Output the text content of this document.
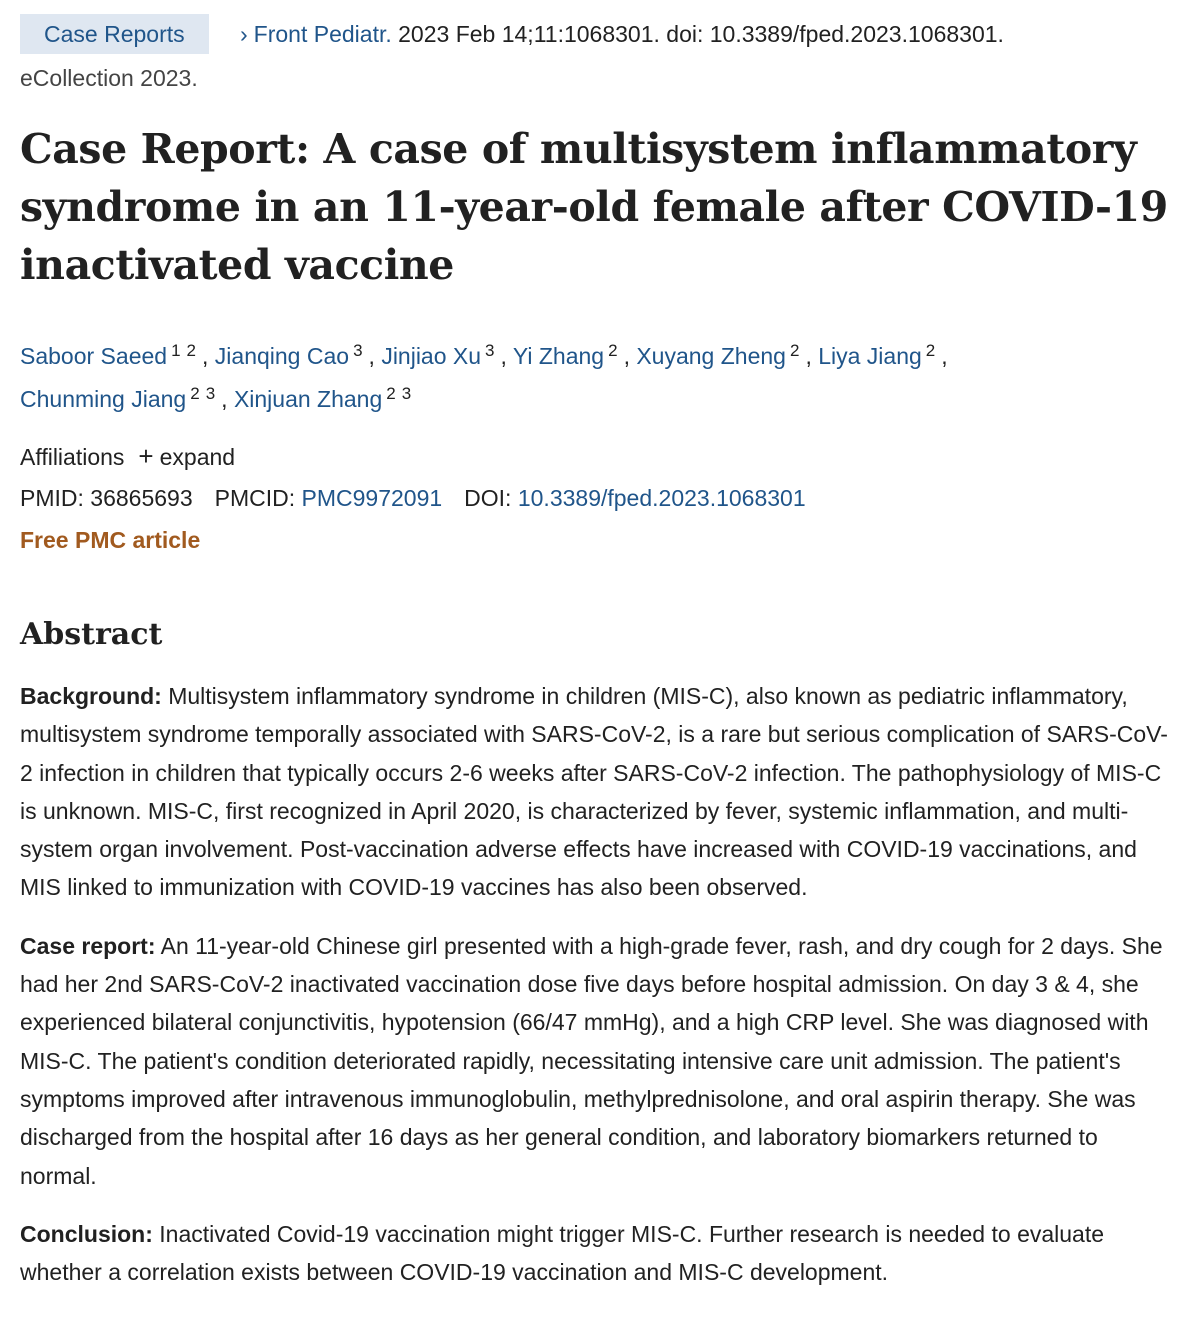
Case Reports	› Front Pediatr. 2023 Feb 14;11:1068301. doi: 10.3389/fped.2023.1068301.
eCollection 2023.
Case Report: A case of multisystem inflammatory syndrome in an 11-year-old female after COVID-19 inactivated vaccine
Saboor Saeed $^{1 2}$ , Jianqing Cao $^3$ , Jinjiao Xu $^3$ , Yi Zhang $^2$ , Xuyang Zheng $^2$ , Liya Jiang $^2$ ,
Chunming Jiang $^{2 3}$ , Xinjuan Zhang $^{2 3}$
Affiliations + expand
PMID: 36865693 PMCID: PMC9972091 DOI: 10.3389/fped.2023.1068301
Free PMC article
Abstract

Background: Multisystem inflammatory syndrome in children (MIS-C), also known as pediatric inflammatory, multisystem syndrome temporally associated with SARS-CoV-2, is a rare but serious complication of SARS-CoV-2 infection in children that typically occurs 2-6 weeks after SARS-CoV-2 infection. The pathophysiology of MIS-C is unknown. MIS-C, first recognized in April 2020, is characterized by fever, systemic inflammation, and multi-system organ involvement. Post-vaccination adverse effects have increased with COVID-19 vaccinations, and MIS linked to immunization with COVID-19 vaccines has also been observed.

Case report: An 11-year-old Chinese girl presented with a high-grade fever, rash, and dry cough for 2 days. She had her 2nd SARS-CoV-2 inactivated vaccination dose five days before hospital admission. On day 3 & 4, she experienced bilateral conjunctivitis, hypotension (66/47 mmHg), and a high CRP level. She was diagnosed with MIS-C. The patient's condition deteriorated rapidly, necessitating intensive care unit admission. The patient's symptoms improved after intravenous immunoglobulin, methylprednisolone, and oral aspirin therapy. She was discharged from the hospital after 16 days as her general condition, and laboratory biomarkers returned to normal.

Conclusion: Inactivated Covid-19 vaccination might trigger MIS-C. Further research is needed to evaluate whether a correlation exists between COVID-19 vaccination and MIS-C development.
